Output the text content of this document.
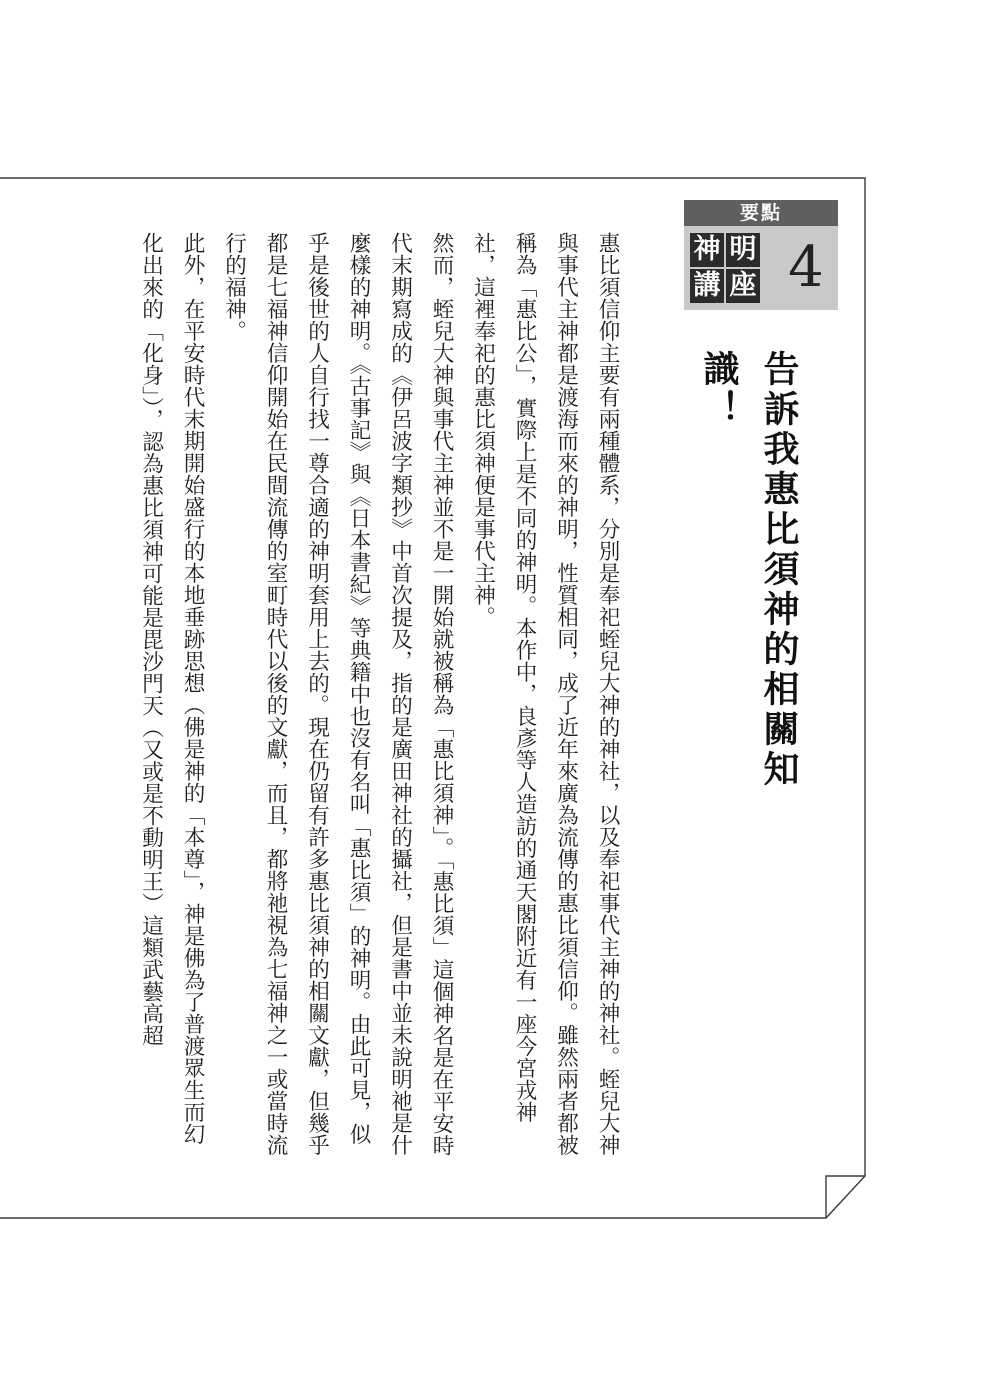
要點
明
神
座
講 4
告訴我惠比須神的相關知識！

惠比須信仰主要有兩種體系，分別是奉祀蛭兒大神的神社，以及奉祀事代主神的神社。蛭兒大神與事代主神都是渡海而來的神明，性質相同，成了近年來廣為流傳的惠比須信仰。雖然兩者都被稱為「惠比公」，實際上是不同的神明。本作中，良彥等人造訪的通天閣附近有一座今宮戎神社，這裡奉祀的惠比須神便是事代主神。

然而，蛭兒大神與事代主神並不是一開始就被稱為「惠比須神」。「惠比須」這個神名是在平安時代末期寫成的《伊呂波字類抄》中首次提及，指的是廣田神社的攝社，但是書中並未說明祂是什麼樣的神明。《古事記》與《日本書紀》等典籍中也沒有名叫「惠比須」的神明。由此可見，似乎是後世的人自行找一尊合適的神明套用上去的。現在仍留有許多惠比須神的相關文獻，但幾乎都是七福神信仰開始在民間流傳的室町時代以後的文獻，而且，都將祂視為七福神之一或當時流行的福神。

此外，在平安時代末期開始盛行的本地垂跡思想（佛是神的「本尊」，神是佛為了普渡眾生而幻化出來的「化身」），認為惠比須神可能是毘沙門天（又或是不動明王）這類武藝高超
